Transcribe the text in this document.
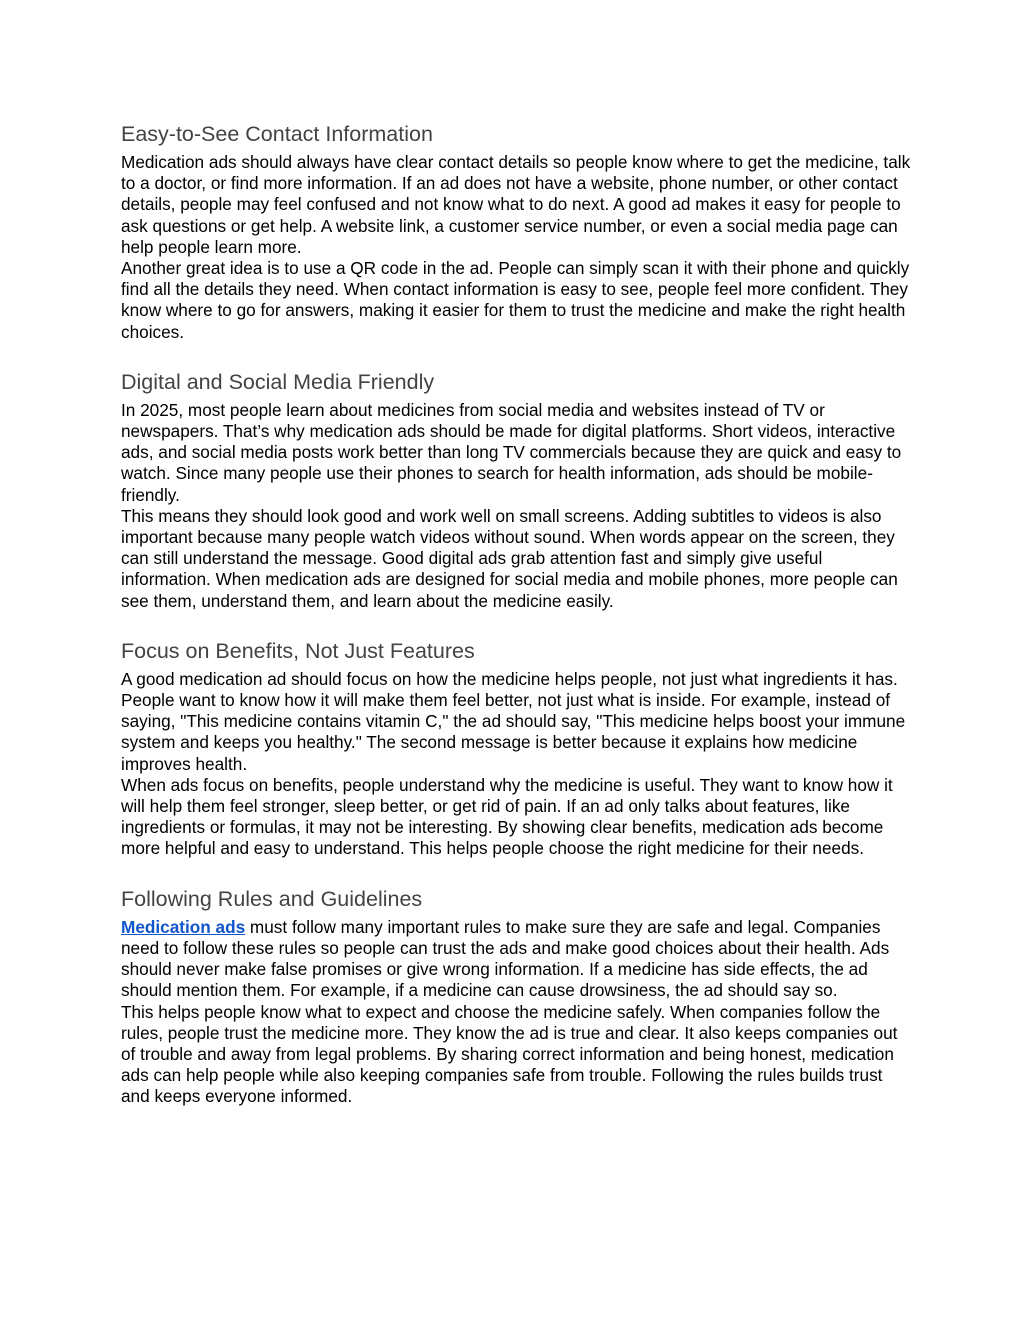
Easy-to-See Contact Information

Medication ads should always have clear contact details so people know where to get the medicine, talk to a doctor, or find more information. If an ad does not have a website, phone number, or other contact details, people may feel confused and not know what to do next. A good ad makes it easy for people to ask questions or get help. A website link, a customer service number, or even a social media page can help people learn more.

Another great idea is to use a QR code in the ad. People can simply scan it with their phone and quickly find all the details they need. When contact information is easy to see, people feel more confident. They know where to go for answers, making it easier for them to trust the medicine and make the right health choices.

Digital and Social Media Friendly

In 2025, most people learn about medicines from social media and websites instead of TV or newspapers. That’s why medication ads should be made for digital platforms. Short videos, interactive ads, and social media posts work better than long TV commercials because they are quick and easy to watch. Since many people use their phones to search for health information, ads should be mobile-friendly.

This means they should look good and work well on small screens. Adding subtitles to videos is also important because many people watch videos without sound. When words appear on the screen, they can still understand the message. Good digital ads grab attention fast and simply give useful information. When medication ads are designed for social media and mobile phones, more people can see them, understand them, and learn about the medicine easily.

Focus on Benefits, Not Just Features

A good medication ad should focus on how the medicine helps people, not just what ingredients it has. People want to know how it will make them feel better, not just what is inside. For example, instead of saying, "This medicine contains vitamin C," the ad should say, "This medicine helps boost your immune system and keeps you healthy." The second message is better because it explains how medicine improves health.

When ads focus on benefits, people understand why the medicine is useful. They want to know how it will help them feel stronger, sleep better, or get rid of pain. If an ad only talks about features, like ingredients or formulas, it may not be interesting. By showing clear benefits, medication ads become more helpful and easy to understand. This helps people choose the right medicine for their needs.

Following Rules and Guidelines

Medication ads must follow many important rules to make sure they are safe and legal. Companies need to follow these rules so people can trust the ads and make good choices about their health. Ads should never make false promises or give wrong information. If a medicine has side effects, the ad should mention them. For example, if a medicine can cause drowsiness, the ad should say so.

This helps people know what to expect and choose the medicine safely. When companies follow the rules, people trust the medicine more. They know the ad is true and clear. It also keeps companies out of trouble and away from legal problems. By sharing correct information and being honest, medication ads can help people while also keeping companies safe from trouble. Following the rules builds trust and keeps everyone informed.
